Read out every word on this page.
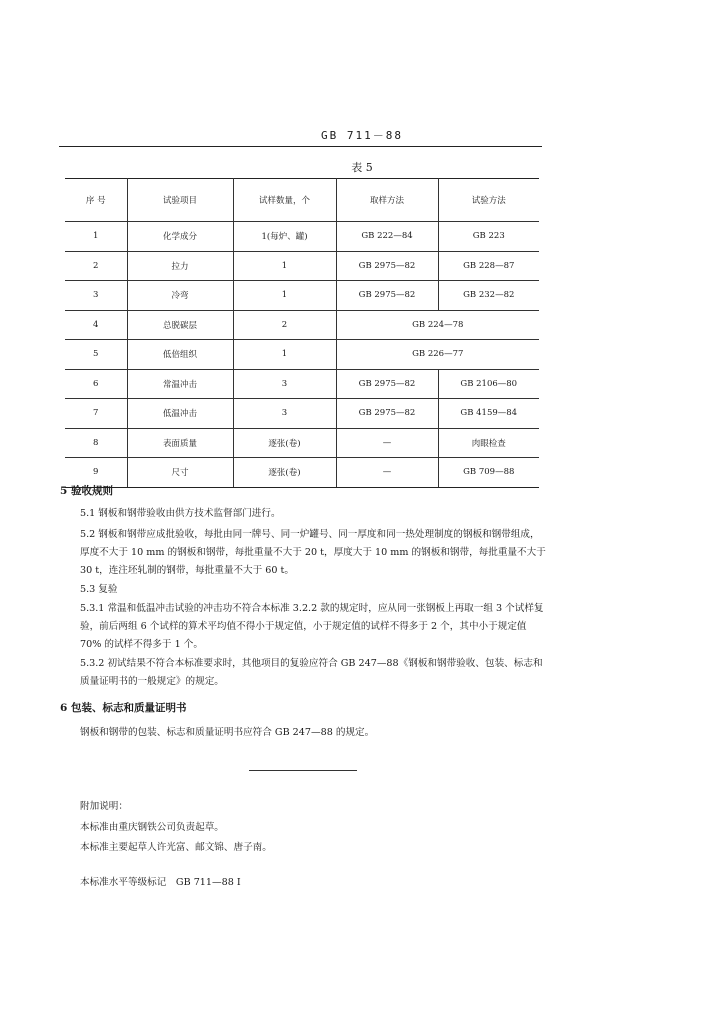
GB 711－88
表 5
序 号	试验项目	试样数量，个	取样方法	试验方法
1	化学成分	1(每炉、罐)	GB 222—84	GB 223
2	拉力	1	GB 2975—82	GB 228—87
3	冷弯	1	GB 2975—82	GB 232—82
4	总脱碳层	2	GB 224—78	
5	低倍组织	1	GB 226—77	
6	常温冲击	3	GB 2975—82	GB 2106—80
7	低温冲击	3	GB 2975—82	GB 4159—84
8	表面质量	逐张(卷)	—	肉眼检查
9	尺寸	逐张(卷)	—	GB 709—88
5 验收规则
5.1 钢板和钢带验收由供方技术监督部门进行。
5.2 钢板和钢带应成批验收，每批由同一牌号、同一炉罐号、同一厚度和同一热处理制度的钢板和钢带组成，厚度不大于 10 mm 的钢板和钢带，每批重量不大于 20 t，厚度大于 10 mm 的钢板和钢带，每批重量不大于 30 t，连注坯轧制的钢带，每批重量不大于 60 t。
5.3 复验
5.3.1 常温和低温冲击试验的冲击功不符合本标准 3.2.2 款的规定时，应从同一张钢板上再取一组 3 个试样复验，前后两组 6 个试样的算术平均值不得小于规定值，小于规定值的试样不得多于 2 个，其中小于规定值 70% 的试样不得多于 1 个。
5.3.2 初试结果不符合本标准要求时，其他项目的复验应符合 GB 247—88《钢板和钢带验收、包装、标志和质量证明书的一般规定》的规定。
6 包装、标志和质量证明书
钢板和钢带的包装、标志和质量证明书应符合 GB 247—88 的规定。
附加说明：
本标准由重庆钢铁公司负责起草。
本标准主要起草人许光富、邮文锦、唐子南。
本标准水平等级标记　GB 711—88 I
